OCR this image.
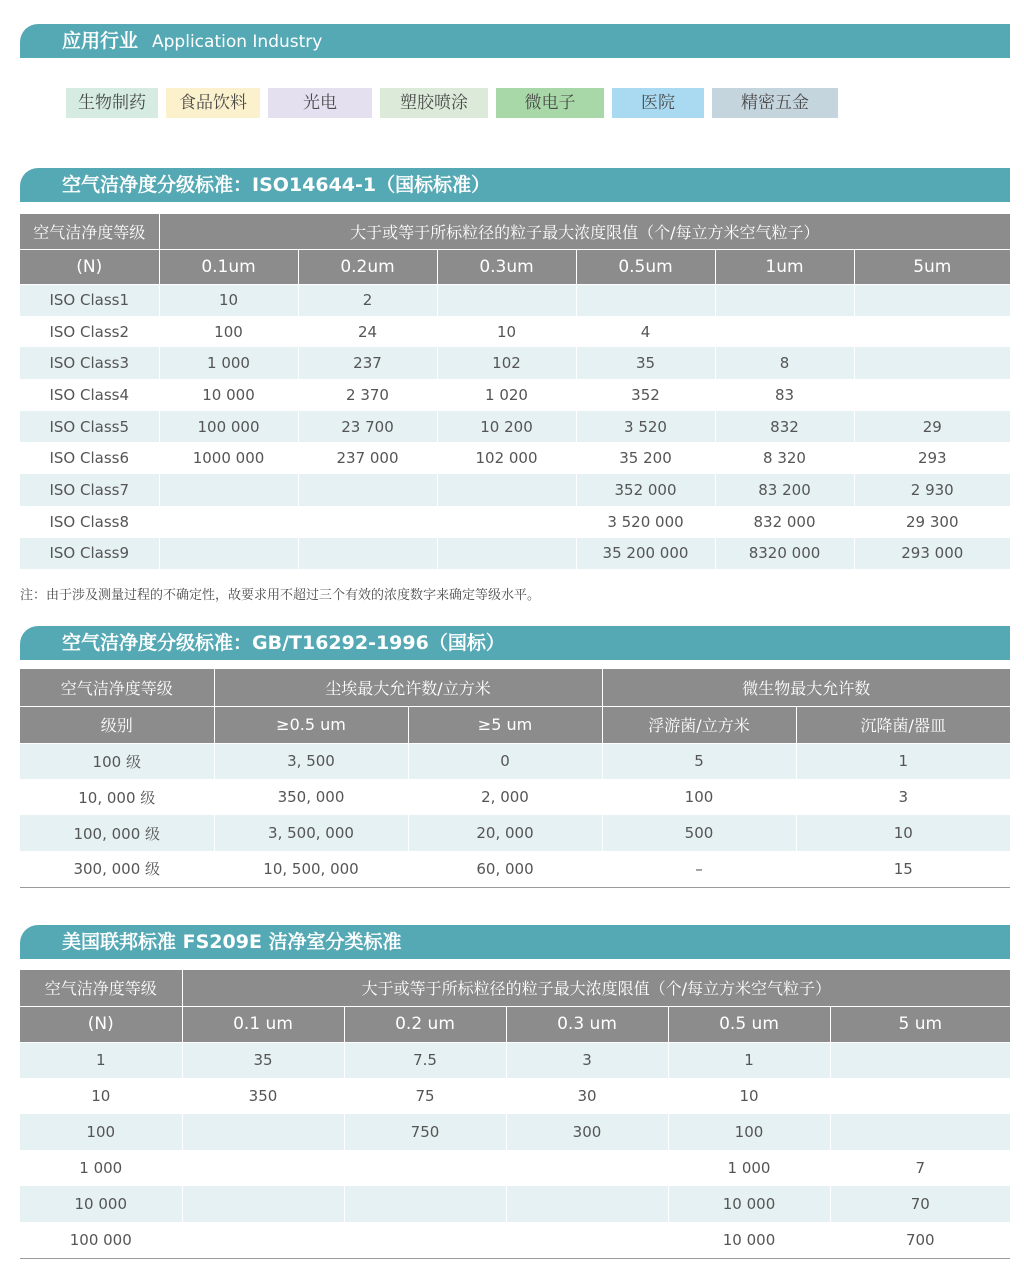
应用行业 Application Industry
生物制药	食品饮料	光电	塑胶喷涂	微电子	医院	精密五金
空气洁净度分级标准：ISO14644-1（国标标准）
空气洁净度等级	大于或等于所标粒径的粒子最大浓度限值（个/每立方米空气粒子）					
(N)	0.1um	0.2um	0.3um	0.5um	1um	5um
ISO Class1	10	2				
ISO Class2	100	24	10	4		
ISO Class3	1 000	237	102	35	8	
ISO Class4	10 000	2 370	1 020	352	83	
ISO Class5	100 000	23 700	10 200	3 520	832	29
ISO Class6	1000 000	237 000	102 000	35 200	8 320	293
ISO Class7				352 000	83 200	2 930
ISO Class8				3 520 000	832 000	29 300
ISO Class9				35 200 000	8320 000	293 000
注：由于涉及测量过程的不确定性，故要求用不超过三个有效的浓度数字来确定等级水平。
空气洁净度分级标准：GB/T16292-1996（国标）
空气洁净度等级	尘埃最大允许数/立方米		微生物最大允许数	
级别	≥0.5 um	≥5 um	浮游菌/立方米	沉降菌/器皿
100 级	3, 500	0	5	1
10, 000 级	350, 000	2, 000	100	3
100, 000 级	3, 500, 000	20, 000	500	10
300, 000 级	10, 500, 000	60, 000	–	15
美国联邦标准 FS209E 洁净室分类标准
空气洁净度等级	大于或等于所标粒径的粒子最大浓度限值（个/每立方米空气粒子）				
(N)	0.1 um	0.2 um	0.3 um	0.5 um	5 um
1	35	7.5	3	1	
10	350	75	30	10	
100		750	300	100	
1 000				1 000	7
10 000				10 000	70
100 000				10 000	700
